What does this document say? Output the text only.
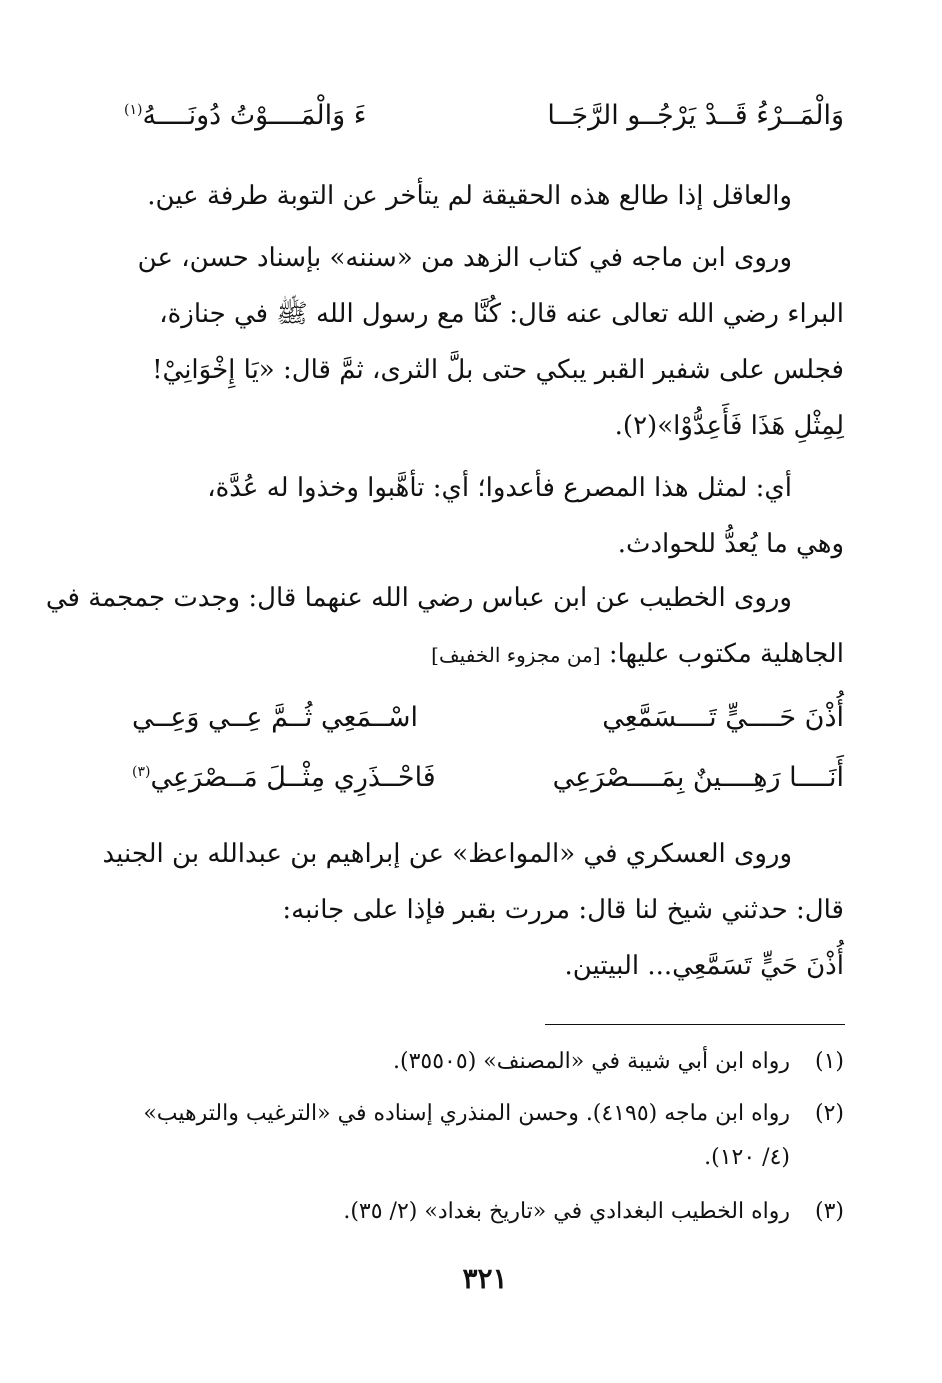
وَالْمَــرْءُ قَــدْ يَرْجُــو الرَّجَــا
ءَ وَالْمَــــوْتُ دُونَــــهُ$^{(١)}$
والعاقل إذا طالع هذه الحقيقة لم يتأخر عن التوبة طرفة عين.
وروى ابن ماجه في كتاب الزهد من «سننه» بإسناد حسن، عن
البراء رضي الله تعالى عنه قال: كُنَّا مع رسول الله ﷺ في جنازة،
فجلس على شفير القبر يبكي حتى بلَّ الثرى، ثمَّ قال: «يَا إِخْوَانِيْ!
لِمِثْلِ هَذَا فَأَعِدُّوْا»(٢).
أي: لمثل هذا المصرع فأعدوا؛ أي: تأهَّبوا وخذوا له عُدَّة،
وهي ما يُعدُّ للحوادث.
وروى الخطيب عن ابن عباس رضي الله عنهما قال: وجدت جمجمة في
الجاهلية مكتوب عليها: [من مجزوء الخفيف]
أُذْنَ حَــــيٍّ تَــــسَمَّعِي
اسْــمَعِي ثُــمَّ عِــي وَعِــي
أَنَــــا رَهِــــينٌ بِمَــــصْرَعِي
فَاحْــذَرِي مِثْــلَ مَــصْرَعِي$^{(٣)}$
وروى العسكري في «المواعظ» عن إبراهيم بن عبدالله بن الجنيد
قال: حدثني شيخ لنا قال: مررت بقبر فإذا على جانبه:
أُذْنَ حَيٍّ تَسَمَّعِي... البيتين.
(١)رواه ابن أبي شيبة في «المصنف» (٣٥٥٠٥).
(٢)رواه ابن ماجه (٤١٩٥). وحسن المنذري إسناده في «الترغيب والترهيب»
(٤/ ١٢٠).
(٣)رواه الخطيب البغدادي في «تاريخ بغداد» (٢/ ٣٥).
٣٢١
